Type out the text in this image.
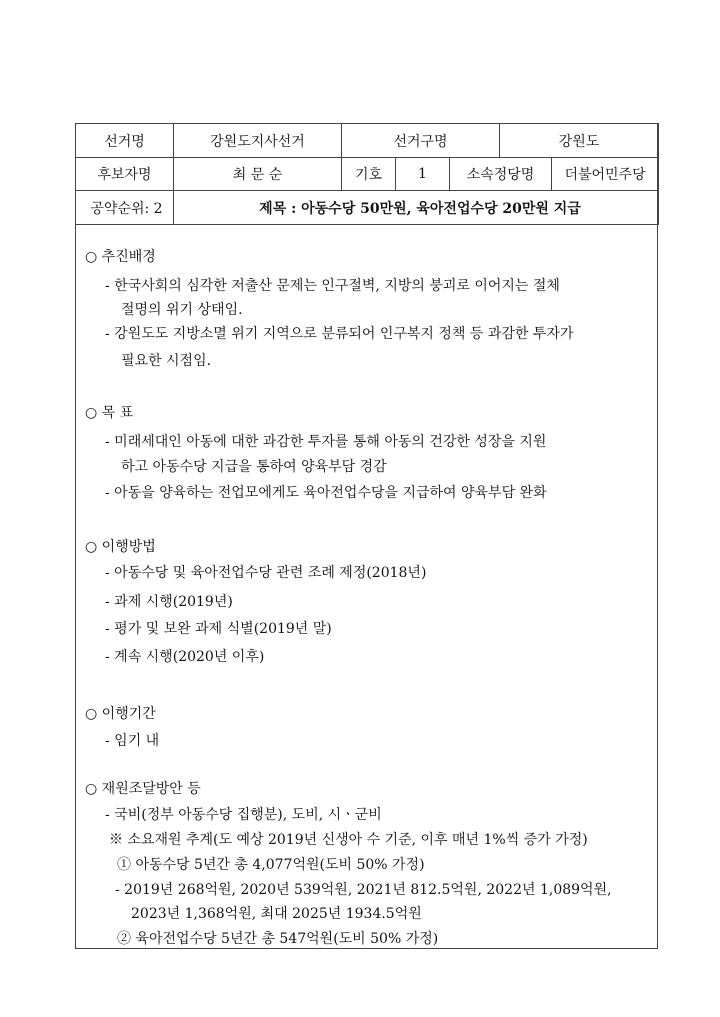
선거명	강원도지사선거	선거구명			강원도	
후보자명	최 문 순	기호	1	소속정당명		더불어민주당
공약순위: 2	제목 : 아동수당 50만원, 육아전업수당 20만원 지급					
○ 추진배경
- 한국사회의 심각한 저출산 문제는 인구절벽, 지방의 붕괴로 이어지는 절체
절명의 위기 상태임.
- 강원도도 지방소멸 위기 지역으로 분류되어 인구복지 정책 등 과감한 투자가
필요한 시점임.
○ 목 표
- 미래세대인 아동에 대한 과감한 투자를 통해 아동의 건강한 성장을 지원
하고 아동수당 지급을 통하여 양육부담 경감
- 아동을 양육하는 전업모에게도 육아전업수당을 지급하여 양육부담 완화
○ 이행방법
- 아동수당 및 육아전업수당 관련 조례 제정(2018년)
- 과제 시행(2019년)
- 평가 및 보완 과제 식별(2019년 말)
- 계속 시행(2020년 이후)
○ 이행기간
- 임기 내
○ 재원조달방안 등
- 국비(정부 아동수당 집행분), 도비, 시ㆍ군비
※ 소요재원 추계(도 예상 2019년 신생아 수 기준, 이후 매년 1%씩 증가 가정)
① 아동수당 5년간 총 4,077억원(도비 50% 가정)
- 2019년 268억원, 2020년 539억원, 2021년 812.5억원, 2022년 1,089억원,
2023년 1,368억원, 최대 2025년 1934.5억원
② 육아전업수당 5년간 총 547억원(도비 50% 가정)
